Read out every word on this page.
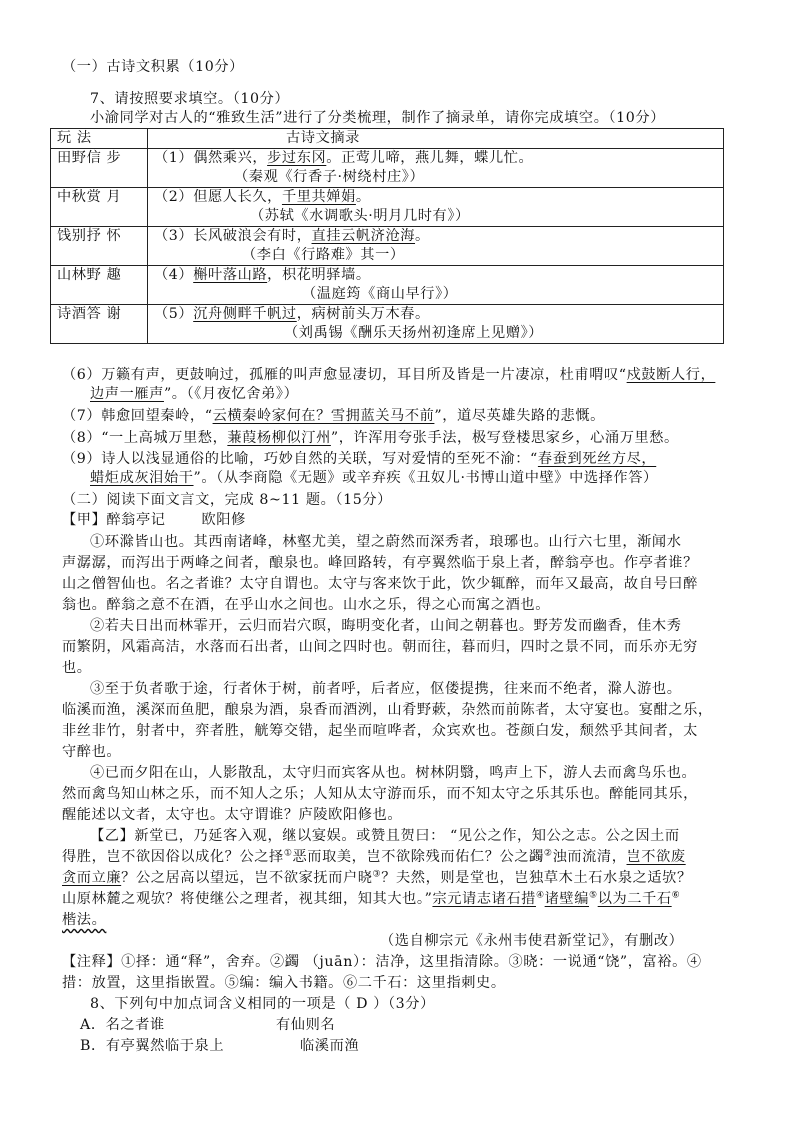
（一）古诗文积累（10分）
7、请按照要求填空。（10分）
小渝同学对古人的“雅致生活”进行了分类梳理，制作了摘录单，请你完成填空。（10分）
玩 法	古诗文摘录
田野信 步	（1）偶然乘兴，步过东冈。正莺儿啼，燕儿舞，蝶儿忙。
（秦观《行香子·树绕村庄》）

中秋赏 月	（2）但愿人长久，千里共婵娟。
（苏轼《水调歌头·明月几时有》）

饯别抒 怀	（3）长风破浪会有时，直挂云帆济沧海。
（李白《行路难》其一）

山林野 趣	（4）槲叶落山路，枳花明驿墙。
（温庭筠《商山早行》）

诗酒答 谢	（5）沉舟侧畔千帆过，病树前头万木春。
（刘禹锡《酬乐天扬州初逢席上见赠》）
（6）万籁有声，更鼓响过，孤雁的叫声愈显凄切，耳目所及皆是一片凄凉，杜甫喟叹“戍鼓断人行，
边声一雁声”。（《月夜忆舍弟》）
（7）韩愈回望秦岭，“云横秦岭家何在？雪拥蓝关马不前”，道尽英雄失路的悲慨。
（8）“一上高城万里愁，蒹葭杨柳似汀州”，许浑用夸张手法，极写登楼思家乡，心涌万里愁。
（9）诗人以浅显通俗的比喻，巧妙自然的关联，写对爱情的至死不渝：“春蚕到死丝方尽，
蜡炬成灰泪始干”。（从李商隐《无题》或辛弃疾《丑奴儿·书博山道中壁》中选择作答）
（二）阅读下面文言文，完成 8~11 题。（15分）
【甲】醉翁亭记	欧阳修
①环滁皆山也。其西南诸峰，林壑尤美，望之蔚然而深秀者，琅琊也。山行六七里，渐闻水
声潺潺，而泻出于两峰之间者，酿泉也。峰回路转，有亭翼然临于泉上者，醉翁亭也。作亭者谁？
山之僧智仙也。名之者谁？太守自谓也。太守与客来饮于此，饮少辄醉，而年又最高，故自号曰醉
翁也。醉翁之意不在酒，在乎山水之间也。山水之乐，得之心而寓之酒也。
②若夫日出而林霏开，云归而岩穴暝，晦明变化者，山间之朝暮也。野芳发而幽香，佳木秀
而繁阴，风霜高洁，水落而石出者，山间之四时也。朝而往，暮而归，四时之景不同，而乐亦无穷
也。
③至于负者歌于途，行者休于树，前者呼，后者应，伛偻提携，往来而不绝者，滁人游也。
临溪而渔，溪深而鱼肥，酿泉为酒，泉香而酒洌，山肴野蔌，杂然而前陈者，太守宴也。宴酣之乐，
非丝非竹，射者中，弈者胜，觥筹交错，起坐而喧哗者，众宾欢也。苍颜白发，颓然乎其间者，太
守醉也。
④已而夕阳在山，人影散乱，太守归而宾客从也。树林阴翳，鸣声上下，游人去而禽鸟乐也。
然而禽鸟知山林之乐，而不知人之乐；人知从太守游而乐，而不知太守之乐其乐也。醉能同其乐，
醒能述以文者，太守也。太守谓谁？庐陵欧阳修也。
【乙】新堂已，乃延客入观，继以宴娱。或赞且贺曰： “见公之作，知公之志。公之因土而
得胜，岂不欲因俗以成化？公之择①恶而取美，岂不欲除残而佑仁？公之蠲②浊而流清，岂不欲废
贪而立廉？公之居高以望远，岂不欲家抚而户晓③？夫然，则是堂也，岂独草木土石水泉之适欤？
山原林麓之观欤？将使继公之理者，视其细，知其大也。”宗元请志诸石措④诸壁编⑤以为二千石⑥
楷法。
（选自柳宗元《永州韦使君新堂记》，有删改）
【注释】①择：通“释”，舍弃。②蠲 （juān）：洁净，这里指清除。③晓：一说通“饶”，富裕。④
措：放置，这里指嵌置。⑤编：编入书籍。⑥二千石：这里指刺史。
8、下列句中加点词含义相同的一项是（ D ）（3分）
A．名之者谁	有仙则名
B．有亭翼然临于泉上	临溪而渔
